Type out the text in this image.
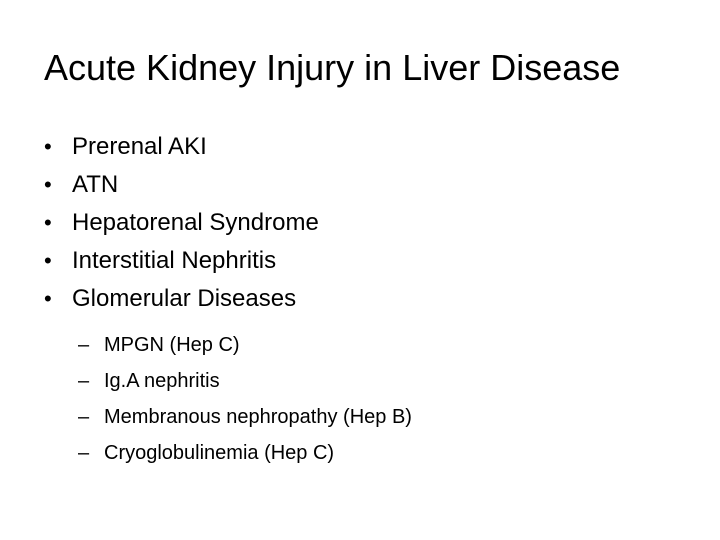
Acute Kidney Injury in Liver Disease
• Prerenal AKI
• ATN
• Hepatorenal Syndrome
• Interstitial Nephritis
• Glomerular Diseases
– MPGN (Hep C)
– Ig.A nephritis
– Membranous nephropathy (Hep B)
– Cryoglobulinemia (Hep C)
